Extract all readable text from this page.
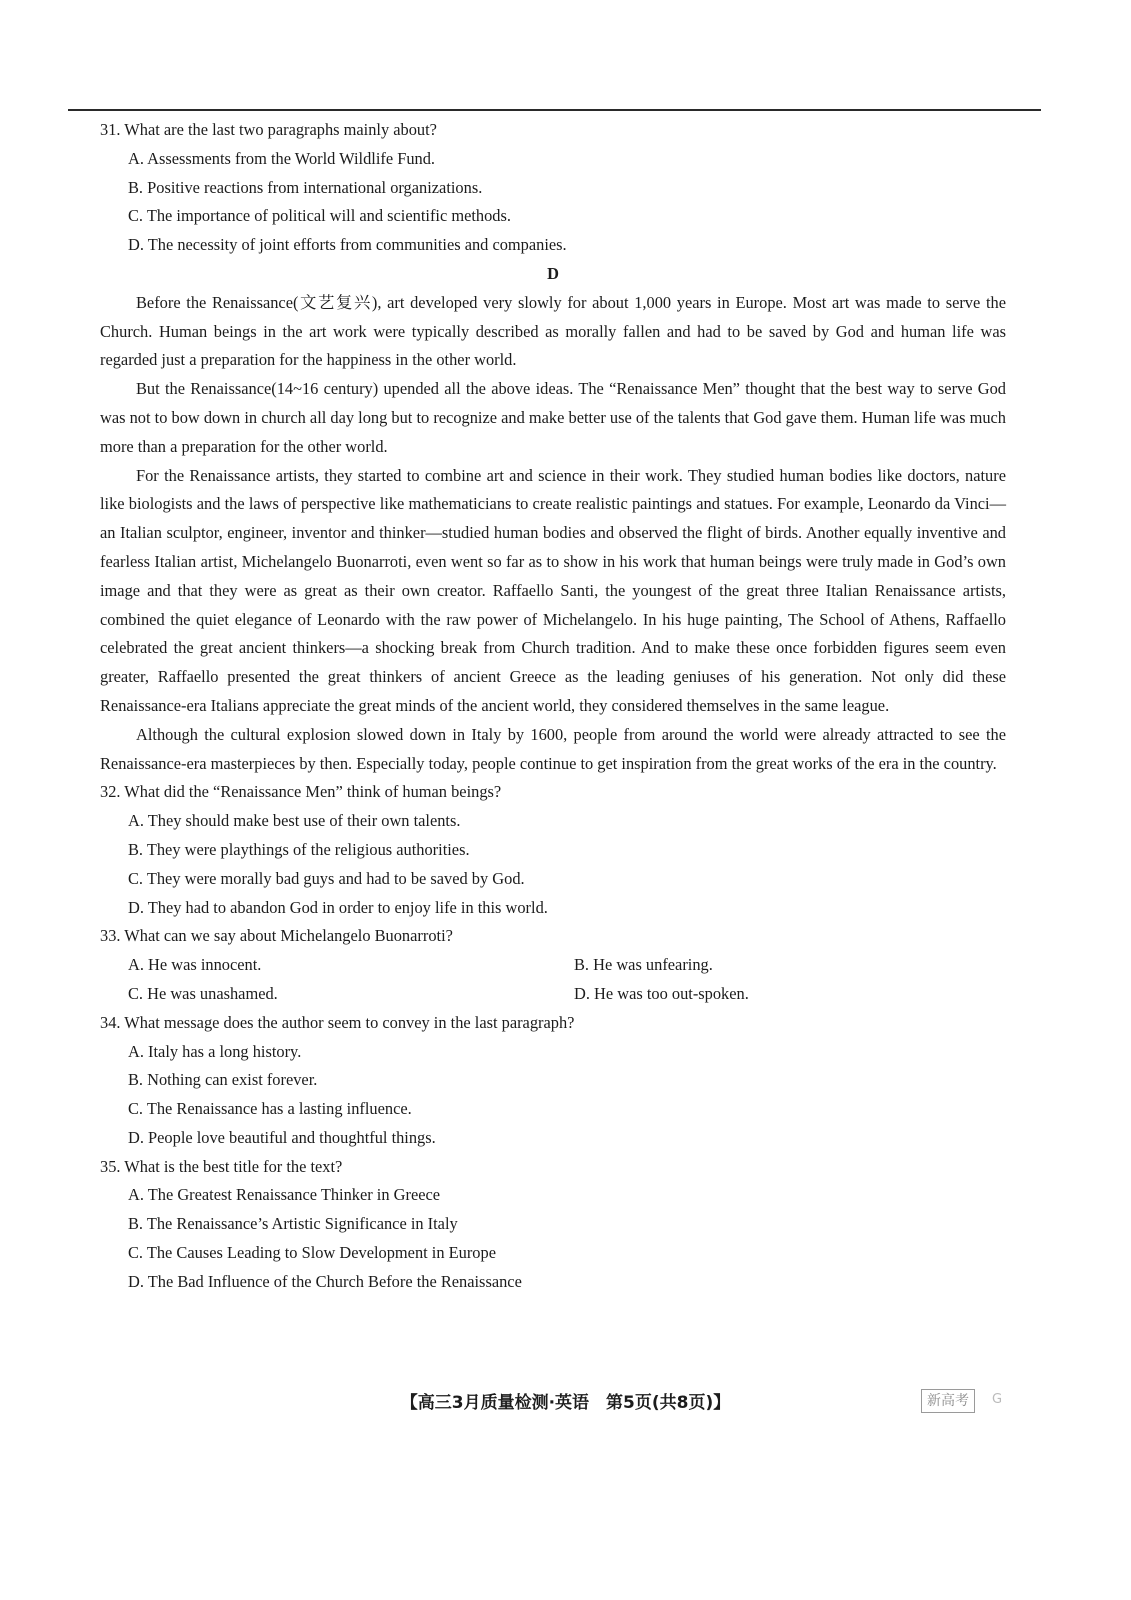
31. What are the last two paragraphs mainly about?
A. Assessments from the World Wildlife Fund.
B. Positive reactions from international organizations.
C. The importance of political will and scientific methods.
D. The necessity of joint efforts from communities and companies.
D

Before the Renaissance(文艺复兴), art developed very slowly for about 1,000 years in Europe. Most art was made to serve the Church. Human beings in the art work were typically described as morally fallen and had to be saved by God and human life was regarded just a preparation for the happiness in the other world.

But the Renaissance(14~16 century) upended all the above ideas. The “Renaissance Men” thought that the best way to serve God was not to bow down in church all day long but to recognize and make better use of the talents that God gave them. Human life was much more than a preparation for the other world.

For the Renaissance artists, they started to combine art and science in their work. They studied human bodies like doctors, nature like biologists and the laws of perspective like mathematicians to create realistic paintings and statues. For example, Leonardo da Vinci—an Italian sculptor, engineer, inventor and thinker—studied human bodies and observed the flight of birds. Another equally inventive and fearless Italian artist, Michelangelo Buonarroti, even went so far as to show in his work that human beings were truly made in God’s own image and that they were as great as their own creator. Raffaello Santi, the youngest of the great three Italian Renaissance artists, combined the quiet elegance of Leonardo with the raw power of Michelangelo. In his huge painting, The School of Athens, Raffaello celebrated the great ancient thinkers—a shocking break from Church tradition. And to make these once forbidden figures seem even greater, Raffaello presented the great thinkers of ancient Greece as the leading geniuses of his generation. Not only did these Renaissance-era Italians appreciate the great minds of the ancient world, they considered themselves in the same league.

Although the cultural explosion slowed down in Italy by 1600, people from around the world were already attracted to see the Renaissance-era masterpieces by then. Especially today, people continue to get inspiration from the great works of the era in the country.

32. What did the “Renaissance Men” think of human beings?
A. They should make best use of their own talents.
B. They were playthings of the religious authorities.
C. They were morally bad guys and had to be saved by God.
D. They had to abandon God in order to enjoy life in this world.
33. What can we say about Michelangelo Buonarroti?
A. He was innocent.	B. He was unfearing.
C. He was unashamed.	D. He was too out-spoken.
34. What message does the author seem to convey in the last paragraph?
A. Italy has a long history.
B. Nothing can exist forever.
C. The Renaissance has a lasting influence.
D. People love beautiful and thoughtful things.
35. What is the best title for the text?
A. The Greatest Renaissance Thinker in Greece
B. The Renaissance’s Artistic Significance in Italy
C. The Causes Leading to Slow Development in Europe
D. The Bad Influence of the Church Before the Renaissance
【高三3月质量检测·英语　第5页(共8页)】	新高考	G
